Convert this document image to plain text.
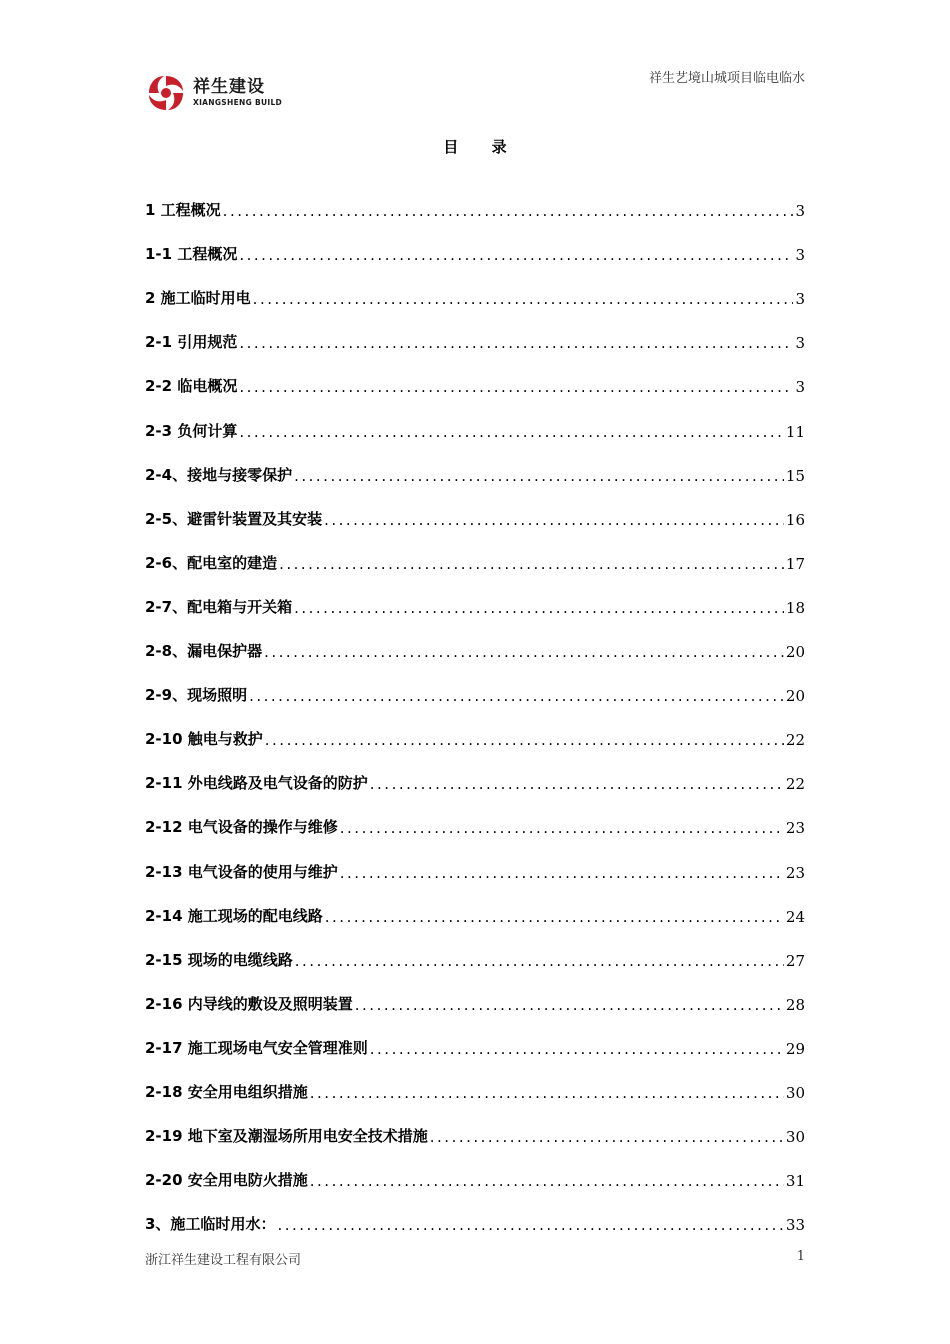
祥生建设
XIANGSHENG BUILD
祥生艺境山城项目临电临水
目 录
1 工程概况 .....	3
1-1 工程概况 .....	3
2 施工临时用电 .....	3
2-1 引用规范 .....	3
2-2 临电概况 .....	3
2-3 负何计算 .....	11
2-4、接地与接零保护 .....	15
2-5、避雷针装置及其安装 .....	16
2-6、配电室的建造 .....	17
2-7、配电箱与开关箱 .....	18
2-8、漏电保护器 .....	20
2-9、现场照明 .....	20
2-10 触电与救护 .....	22
2-11 外电线路及电气设备的防护 .....	22
2-12 电气设备的操作与维修 .....	23
2-13 电气设备的使用与维护 .....	23
2-14 施工现场的配电线路 .....	24
2-15 现场的电缆线路 .....	27
2-16 内导线的敷设及照明装置 .....	28
2-17 施工现场电气安全管理准则 .....	29
2-18 安全用电组织措施 .....	30
2-19 地下室及潮湿场所用电安全技术措施 .....	30
2-20 安全用电防火措施 .....	31
3、施工临时用水： .....	33
浙江祥生建设工程有限公司	1
